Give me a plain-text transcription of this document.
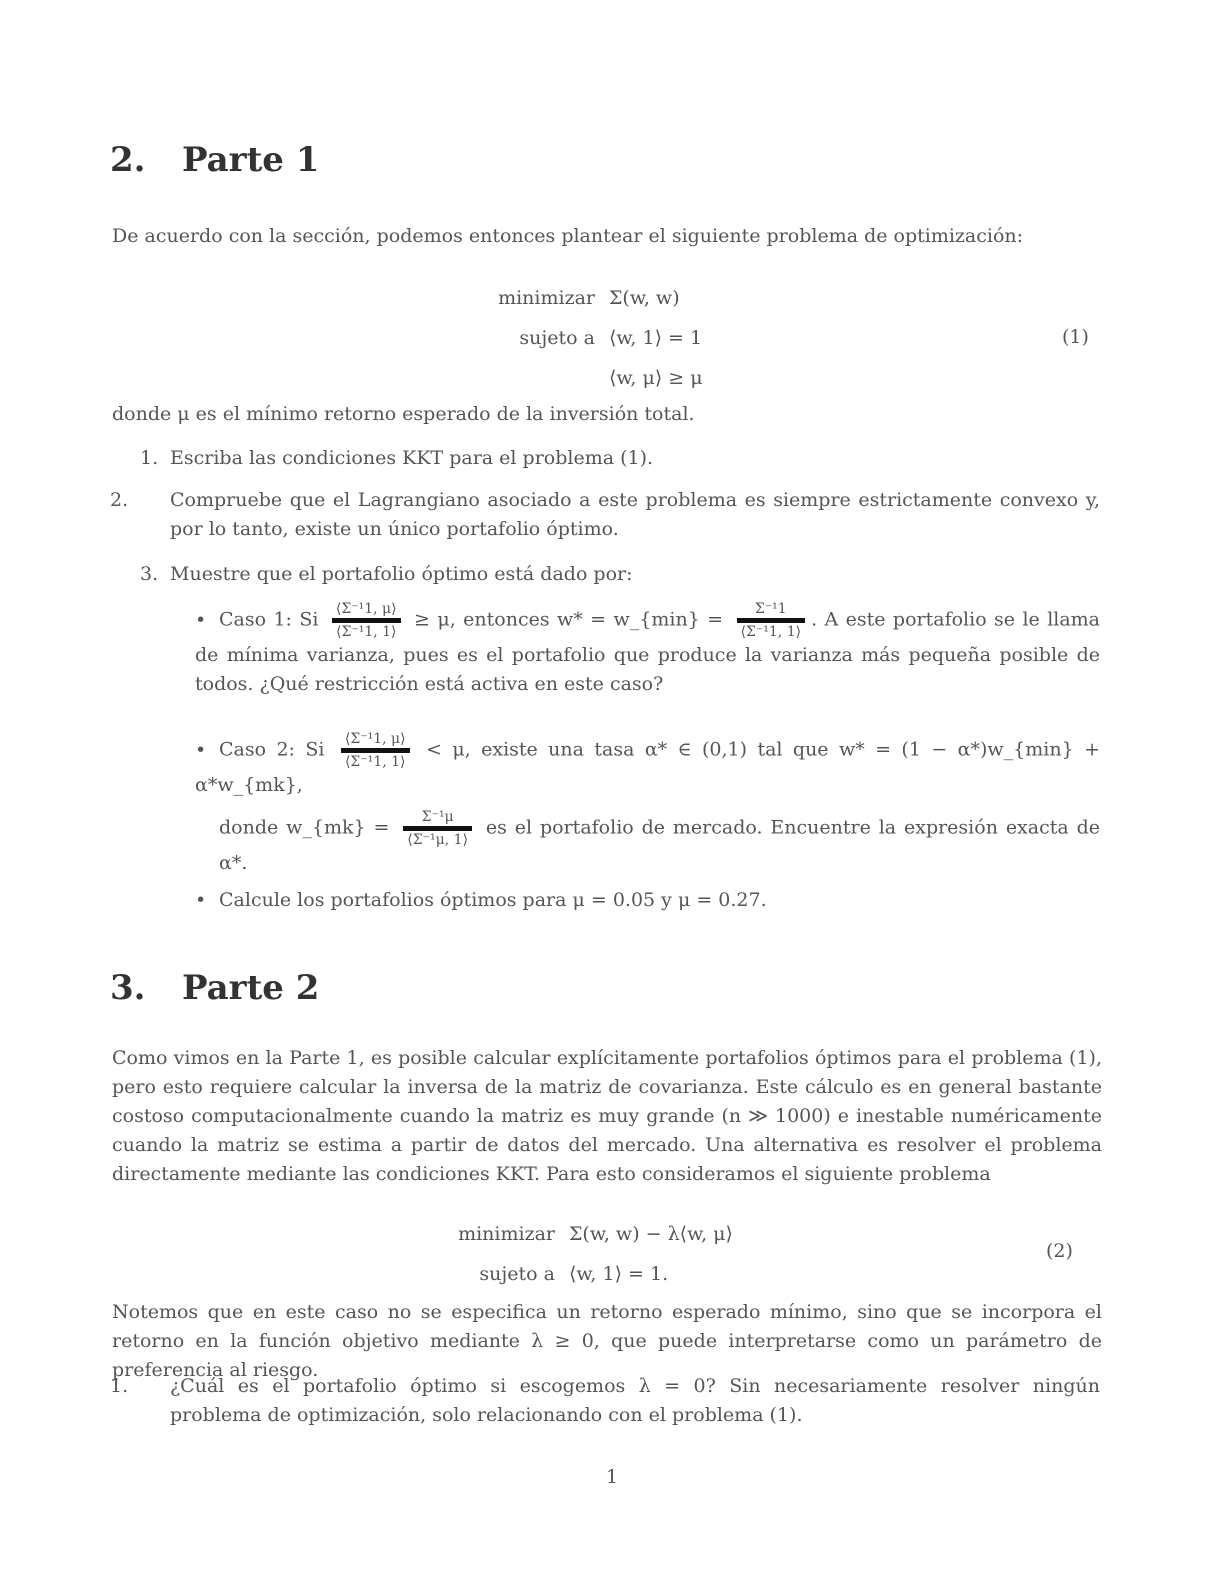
2. Parte 1
De acuerdo con la sección, podemos entonces plantear el siguiente problema de optimización:
minimizar Σ(w, w)
sujeto a ⟨w, 1⟩ = 1
⟨w, μ⟩ ≥ μ
(1)
donde μ es el mínimo retorno esperado de la inversión total.
1. Escriba las condiciones KKT para el problema (1).
2. Compruebe que el Lagrangiano asociado a este problema es siempre estrictamente convexo y, por lo tanto, existe un único portafolio óptimo.
3. Muestre que el portafolio óptimo está dado por:
• Caso 1: Si $\frac{\text{⟨Σ⁻¹1, μ⟩}}{\text{⟨Σ⁻¹1, 1⟩}} \ge \mu$, entonces w* = w_{min} = $\frac{\text{Σ⁻¹1}}{\text{⟨Σ⁻¹1, 1⟩}}$ . A este portafolio se le llama de mínima varianza, pues es el portafolio que produce la varianza más pequeña posible de todos. ¿Qué restricción está activa en este caso?
• Caso 2: Si $\frac{\text{⟨Σ⁻¹1, μ⟩}}{\text{⟨Σ⁻¹1, 1⟩}} < \mu$, existe una tasa α* ∈ (0,1) tal que w* = (1 − α*)w_{min} + α*w_{mk},
donde w_{mk} = $\frac{\text{Σ⁻¹μ}}{\text{⟨Σ⁻¹μ, 1⟩}}$ es el portafolio de mercado. Encuentre la expresión exacta de α*.
• Calcule los portafolios óptimos para μ = 0.05 y μ = 0.27.
3. Parte 2
Como vimos en la Parte 1, es posible calcular explícitamente portafolios óptimos para el problema (1), pero esto requiere calcular la inversa de la matriz de covarianza. Este cálculo es en general bastante costoso computacionalmente cuando la matriz es muy grande (n ≫ 1000) e inestable numéricamente cuando la matriz se estima a partir de datos del mercado. Una alternativa es resolver el problema directamente mediante las condiciones KKT. Para esto consideramos el siguiente problema
minimizar Σ(w, w) − λ⟨w, μ⟩
sujeto a ⟨w, 1⟩ = 1.
(2)
Notemos que en este caso no se especifica un retorno esperado mínimo, sino que se incorpora el retorno en la función objetivo mediante λ ≥ 0, que puede interpretarse como un parámetro de preferencia al riesgo.
1. ¿Cuál es el portafolio óptimo si escogemos λ = 0? Sin necesariamente resolver ningún problema de optimización, solo relacionando con el problema (1).
1
